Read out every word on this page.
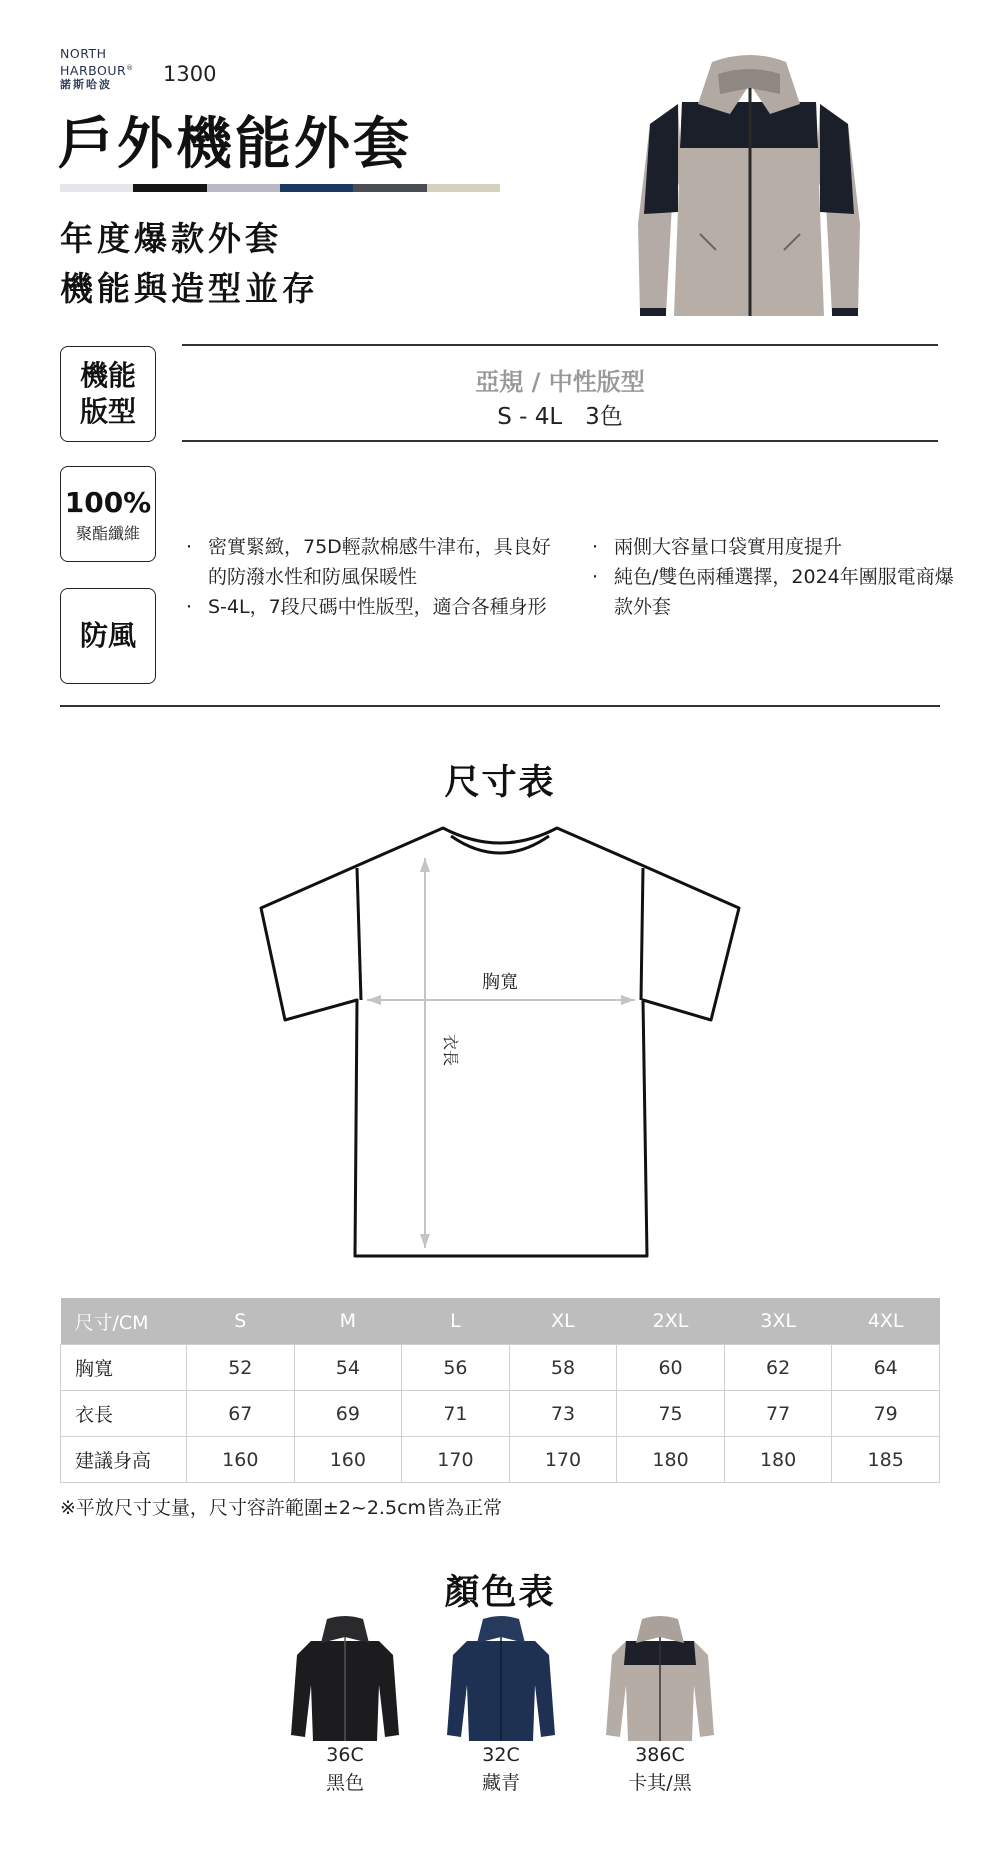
NORTH
HARBOUR®
諾斯哈波	1300
戶外機能外套
年度爆款外套
機能與造型並存
機能
版型
100%
聚酯纖維
防風
亞規 / 中性版型
S - 4L　3色
· 密實緊緻，75D輕款棉感牛津布，具良好的防潑水性和防風保暖性
· S-4L，7段尺碼中性版型，適合各種身形
· 兩側大容量口袋實用度提升
· 純色/雙色兩種選擇，2024年團服電商爆款外套
尺寸表
胸寬
衣長
尺寸/CM	S	M	L	XL	2XL	3XL	4XL
胸寬	52	54	56	58	60	62	64
衣長	67	69	71	73	75	77	79
建議身高	160	160	170	170	180	180	185
※平放尺寸丈量，尺寸容許範圍±2~2.5cm皆為正常
顏色表
36C
黑色
32C
藏青
386C
卡其/黑
